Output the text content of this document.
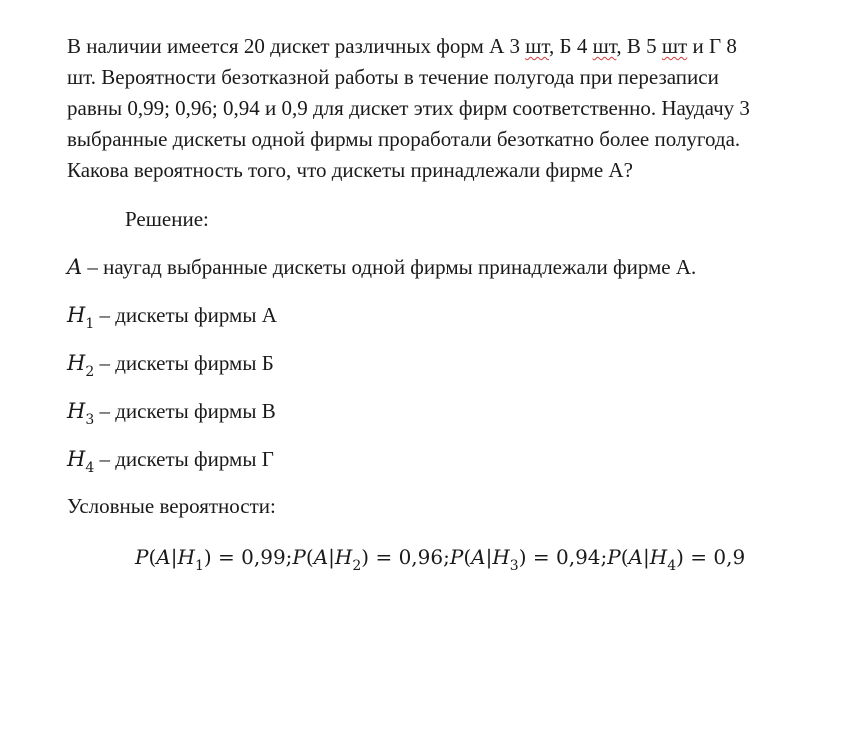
В наличии имеется 20 дискет различных форм А 3 шт, Б 4 шт, В 5 шт и Г 8
шт. Вероятности безотказной работы в течение полугода при перезаписи
равны 0,99; 0,96; 0,94 и 0,9 для дискет этих фирм соответственно. Наудачу 3
выбранные дискеты одной фирмы проработали безоткатно более полугода.
Какова вероятность того, что дискеты принадлежали фирме А?

Решение:

A – наугад выбранные дискеты одной фирмы принадлежали фирме А.

$H_1$ – дискеты фирмы А

$H_2$ – дискеты фирмы Б

$H_3$ – дискеты фирмы В

$H_4$ – дискеты фирмы Г

Условные вероятности:

$P(A|H_1)$ = $0,99;P(A|H_2)$ = $0,96;P(A|H_3)$ = $0,94;P(A|H_4) = 0,9$
